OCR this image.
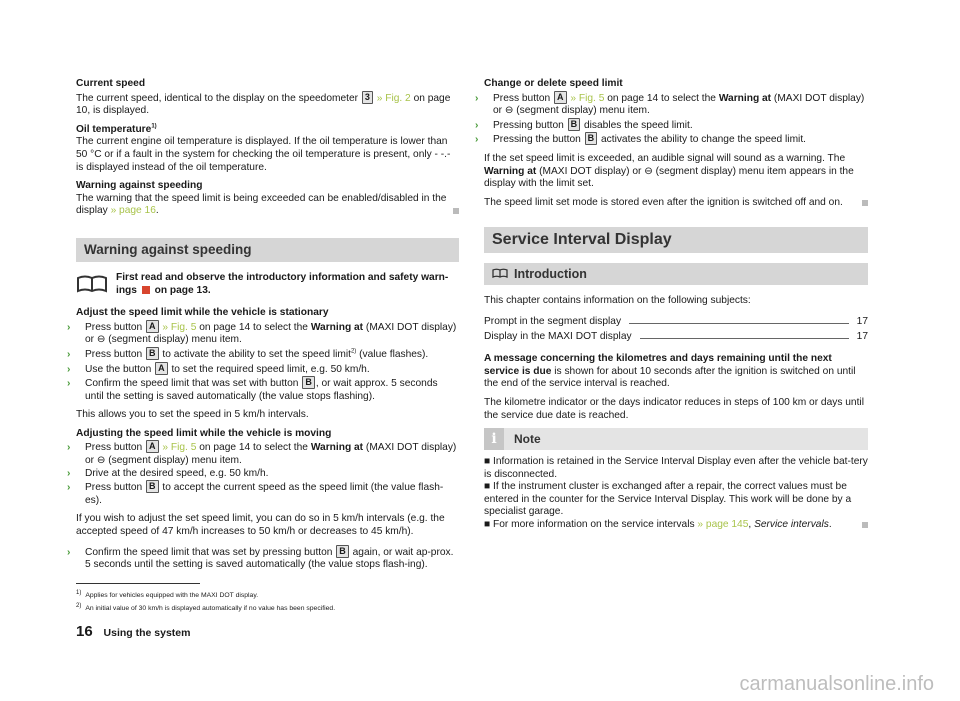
Current speed

The current speed, identical to the display on the speedometer 3 » Fig. 2 on page 10, is displayed.

Oil temperature$^{1)}$

The current engine oil temperature is displayed. If the oil temperature is lower than 50 °C or if a fault in the system for checking the oil temperature is present, only - -.- is displayed instead of the oil temperature.

Warning against speeding

The warning that the speed limit is being exceeded can be enabled/disabled in the display » page 16.

Warning against speeding
First read and observe the introductory information and safety warn-ings on page 13.

Adjust the speed limit while the vehicle is stationary

› Press button A » Fig. 5 on page 14 to select the Warning at (MAXI DOT display) or ⊖ (segment display) menu item.

› Press button B to activate the ability to set the speed limit$^{2)}$ (value flashes).

› Use the button A to set the required speed limit, e.g. 50 km/h.

› Confirm the speed limit that was set with button B , or wait approx. 5 seconds until the setting is saved automatically (the value stops flashing).

This allows you to set the speed in 5 km/h intervals.

Adjusting the speed limit while the vehicle is moving

› Press button A » Fig. 5 on page 14 to select the Warning at (MAXI DOT display) or ⊖ (segment display) menu item.

› Drive at the desired speed, e.g. 50 km/h.

› Press button B to accept the current speed as the speed limit (the value flash-es).

If you wish to adjust the set speed limit, you can do so in 5 km/h intervals (e.g. the accepted speed of 47 km/h increases to 50 km/h or decreases to 45 km/h).

› Confirm the speed limit that was set by pressing button B again, or wait ap-prox. 5 seconds until the setting is saved automatically (the value stops flash-ing).

Change or delete speed limit

› Press button A » Fig. 5 on page 14 to select the Warning at (MAXI DOT display) or ⊖ (segment display) menu item.

› Pressing button B disables the speed limit.

› Pressing the button B activates the ability to change the speed limit.

If the set speed limit is exceeded, an audible signal will sound as a warning. The Warning at (MAXI DOT display) or ⊖ (segment display) menu item appears in the display with the limit set.

The speed limit set mode is stored even after the ignition is switched off and on.

Service Interval Display
Introduction

This chapter contains information on the following subjects:

Prompt in the segment display	17
Display in the MAXI DOT display	17

A message concerning the kilometres and days remaining until the next service is due is shown for about 10 seconds after the ignition is switched on until the end of the service interval is reached.

The kilometre indicator or the days indicator reduces in steps of 100 km or days until the service due date is reached.

i	Note

■ Information is retained in the Service Interval Display even after the vehicle bat-tery is disconnected.

■ If the instrument cluster is exchanged after a repair, the correct values must be entered in the counter for the Service Interval Display. This work will be done by a specialist garage.

■ For more information on the service intervals » page 145, Service intervals.

1) Applies for vehicles equipped with the MAXI DOT display.
2) An initial value of 30 km/h is displayed automatically if no value has been specified.
16 Using the system
carmanualsonline.info
